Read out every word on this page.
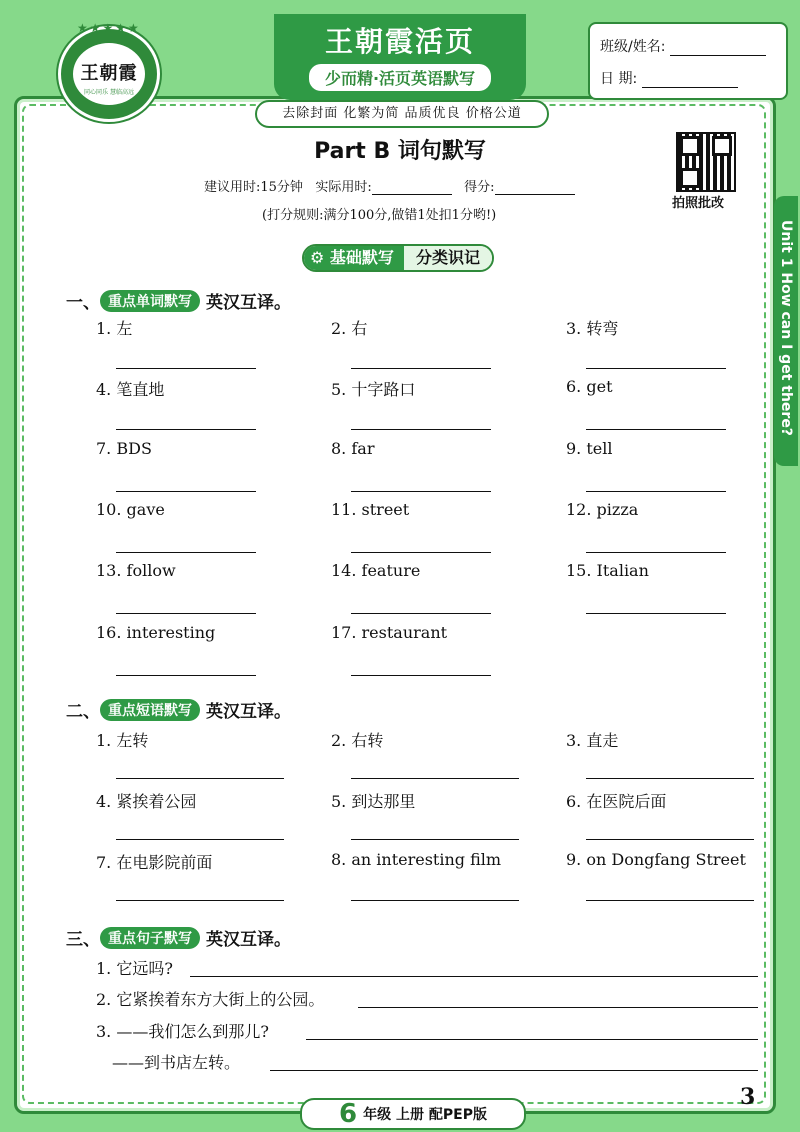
★★★★★
王朝霞
同心同乐 慧临高远
王朝霞活页
少而精·活页英语默写
去除封面 化繁为简 品质优良 价格公道
班级/姓名:
日 期:
拍照批改
Unit 1 How can I get there?
Part B 词句默写
建议用时:15分钟 实际用时:	得分:
(打分规则:满分100分,做错1处扣1分哟!)
⚙ 基础默写	分类识记
一、 重点单词默写 英汉互译。
1. 左	2. 右	3. 转弯
4. 笔直地	5. 十字路口	6. get
7. BDS	8. far	9. tell
10. gave	11. street	12. pizza
13. follow	14. feature	15. Italian
16. interesting	17. restaurant
二、 重点短语默写 英汉互译。
1. 左转	2. 右转	3. 直走
4. 紧挨着公园	5. 到达那里	6. 在医院后面
7. 在电影院前面	8. an interesting film	9. on Dongfang Street
三、 重点句子默写 英汉互译。
1. 它远吗?
2. 它紧挨着东方大街上的公园。
3. ——我们怎么到那儿?
——到书店左转。
6 年级 上册 配PEP版
3
